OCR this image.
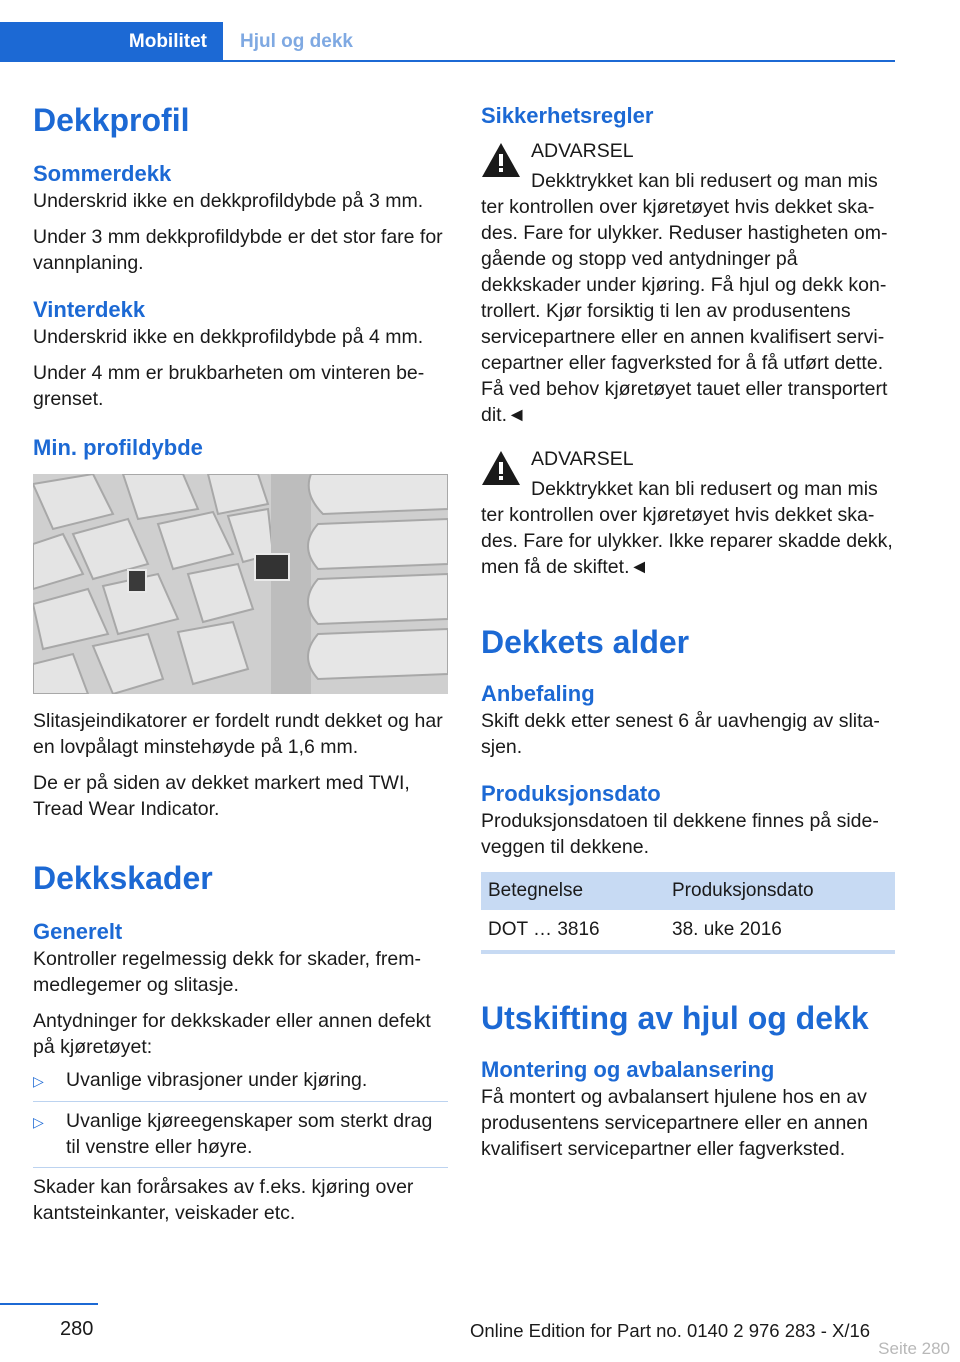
Mobilitet	Hjul og dekk
Dekkprofil
Sommerdekk

Underskrid ikke en dekkprofildybde på 3 mm.

Under 3 mm dekkprofildybde er det stor fare for vannplaning.

Vinterdekk

Underskrid ikke en dekkprofildybde på 4 mm.

Under 4 mm er brukbarheten om vinteren begrenset.

Min. profildybde

Slitasjeindikatorer er fordelt rundt dekket og har en lovpålagt minstehøyde på 1,6 mm.

De er på siden av dekket markert med TWI, Tread Wear Indicator.

Dekkskader
Generelt

Kontroller regelmessig dekk for skader, fremmedlegemer og slitasje.

Antydninger for dekkskader eller annen defekt på kjøretøyet:

▷	Uvanlige vibrasjoner under kjøring.
▷	Uvanlige kjøreegenskaper som sterkt drag til venstre eller høyre.

Skader kan forårsakes av f.eks. kjøring over kantsteinkanter, veiskader etc.

Sikkerhetsregler

ADVARSEL

Dekktrykket kan bli redusert og man mis

ter kontrollen over kjøretøyet hvis dekket skades. Fare for ulykker. Reduser hastigheten omgående og stopp ved antydninger på dekkskader under kjøring. Få hjul og dekk kontrollert. Kjør forsiktig ti len av produsentens servicepartnere eller en annen kvalifisert servicepartner eller fagverksted for å få utført dette. Få ved behov kjøretøyet tauet eller transportert dit.◄

ADVARSEL

Dekktrykket kan bli redusert og man mis

ter kontrollen over kjøretøyet hvis dekket skades. Fare for ulykker. Ikke reparer skadde dekk, men få de skiftet.◄

Dekkets alder
Anbefaling

Skift dekk etter senest 6 år uavhengig av slitasjen.

Produksjonsdato

Produksjonsdatoen til dekkene finnes på sideveggen til dekkene.

Betegnelse	Produksjonsdato
DOT … 3816	38. uke 2016
Utskifting av hjul og dekk
Montering og avbalansering

Få montert og avbalansert hjulene hos en av produsentens servicepartnere eller en annen kvalifisert servicepartner eller fagverksted.

280	Online Edition for Part no. 0140 2 976 283 - X/16
Seite 280
